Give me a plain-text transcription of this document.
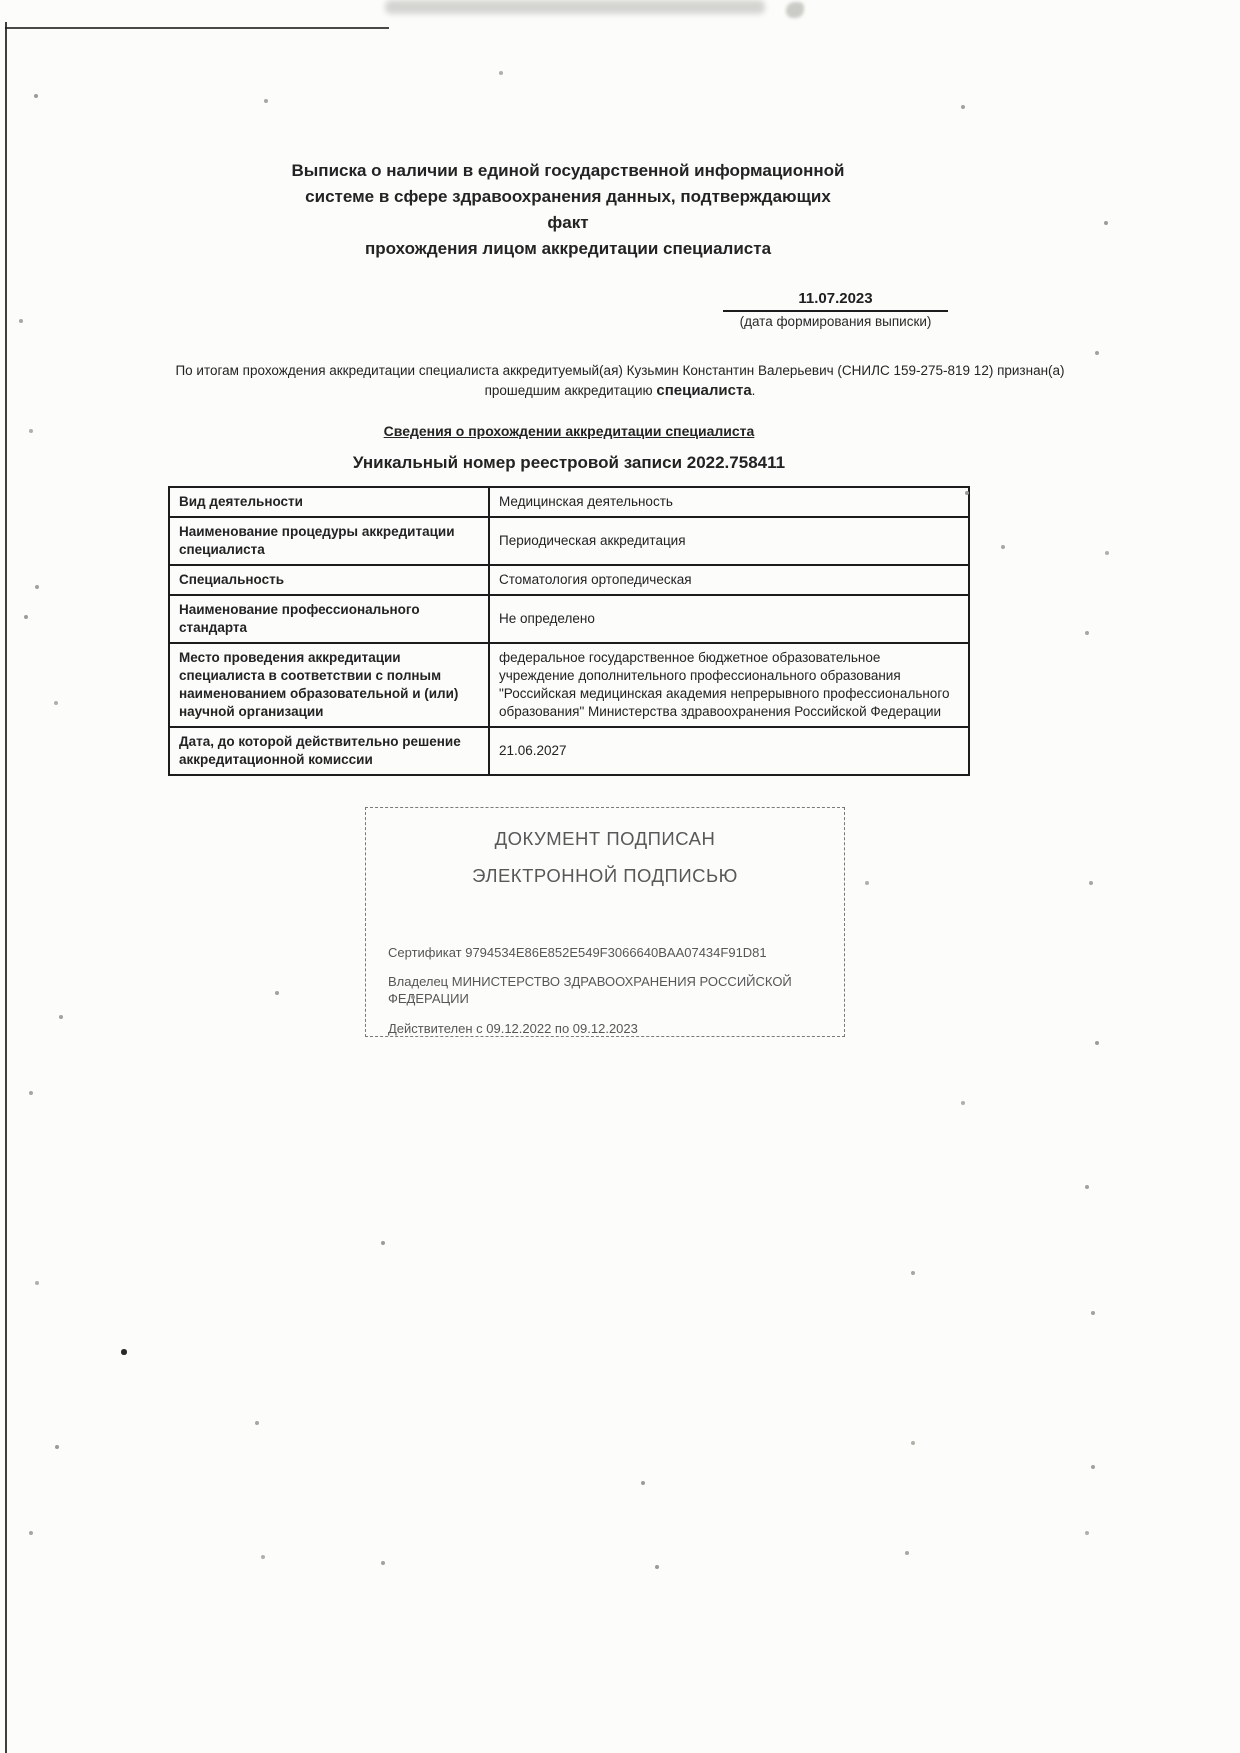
Выписка о наличии в единой государственной информационной
системе в сфере здравоохранения данных, подтверждающих факт
прохождения лицом аккредитации специалиста
11.07.2023
(дата формирования выписки)

По итогам прохождения аккредитации специалиста аккредитуемый(ая) Кузьмин Константин Валерьевич (СНИЛС 159-275-819 12) признан(а) прошедшим аккредитацию специалиста.

Сведения о прохождении аккредитации специалиста
Уникальный номер реестровой записи 2022.758411
Вид деятельности	Медицинская деятельность
Наименование процедуры аккредитации специалиста	Периодическая аккредитация
Специальность	Стоматология ортопедическая
Наименование профессионального стандарта	Не определено
Место проведения аккредитации специалиста в соответствии с полным наименованием образовательной и (или) научной организации	федеральное государственное бюджетное образовательное учреждение дополнительного профессионального образования "Российская медицинская академия непрерывного профессионального образования" Министерства здравоохранения Российской Федерации
Дата, до которой действительно решение аккредитационной комиссии	21.06.2027
ДОКУМЕНТ ПОДПИСАН
ЭЛЕКТРОННОЙ ПОДПИСЬЮ
Сертификат 9794534E86E852E549F3066640BAA07434F91D81
Владелец МИНИСТЕРСТВО ЗДРАВООХРАНЕНИЯ РОССИЙСКОЙ ФЕДЕРАЦИИ
Действителен с 09.12.2022 по 09.12.2023
